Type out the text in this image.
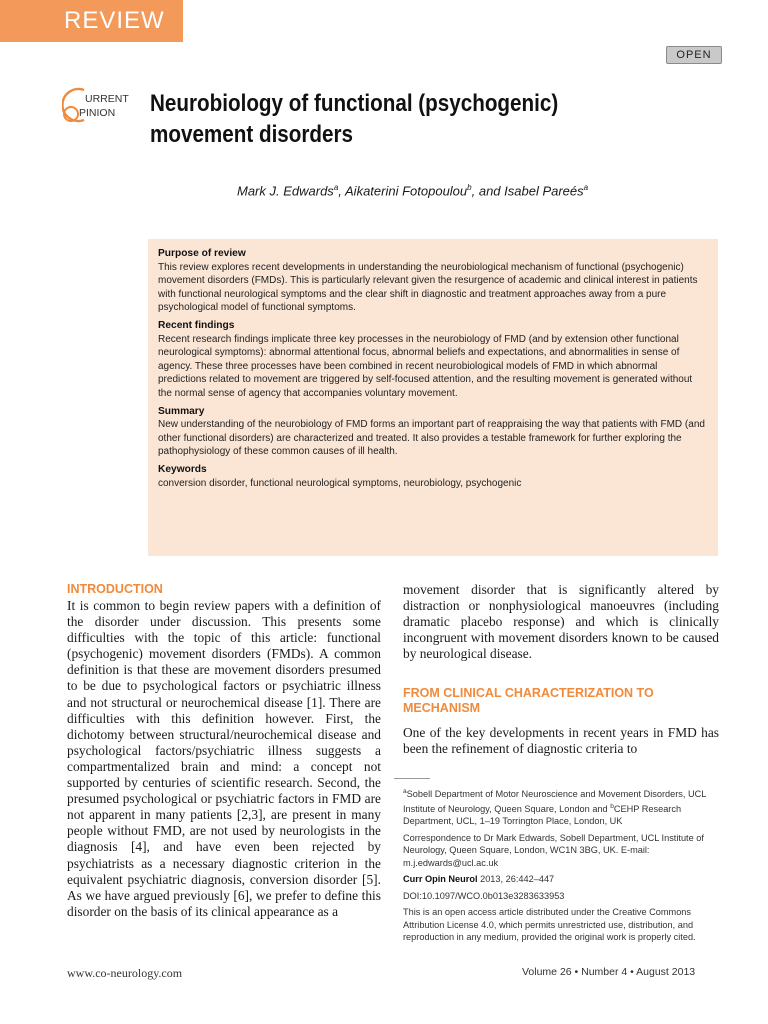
REVIEW
OPEN
URRENT
PINION Neurobiology of functional (psychogenic)
movement disorders
Mark J. Edwards$^a$, Aikaterini Fotopoulou$^b$, and Isabel Pareés$^a$
Purpose of review

This review explores recent developments in understanding the neurobiological mechanism of functional (psychogenic) movement disorders (FMDs). This is particularly relevant given the resurgence of academic and clinical interest in patients with functional neurological symptoms and the clear shift in diagnostic and treatment approaches away from a pure psychological model of functional symptoms.

Recent findings

Recent research findings implicate three key processes in the neurobiology of FMD (and by extension other functional neurological symptoms): abnormal attentional focus, abnormal beliefs and expectations, and abnormalities in sense of agency. These three processes have been combined in recent neurobiological models of FMD in which abnormal predictions related to movement are triggered by self-focused attention, and the resulting movement is generated without the normal sense of agency that accompanies voluntary movement.

Summary

New understanding of the neurobiology of FMD forms an important part of reappraising the way that patients with FMD (and other functional disorders) are characterized and treated. It also provides a testable framework for further exploring the pathophysiology of these common causes of ill health.

Keywords

conversion disorder, functional neurological symptoms, neurobiology, psychogenic

INTRODUCTION

It is common to begin review papers with a definition of the disorder under discussion. This presents some difficulties with the topic of this article: functional (psychogenic) movement disorders (FMDs). A common definition is that these are movement disorders presumed to be due to psychological factors or psychiatric illness and not structural or neurochemical disease [1]. There are difficulties with this definition however. First, the dichotomy between structural/neurochemical disease and psychological factors/psychiatric illness suggests a compartmentalized brain and mind: a concept not supported by centuries of scientific research. Second, the presumed psychological or psychiatric factors in FMD are not apparent in many patients [2,3], are present in many people without FMD, are not used by neurologists in the diagnosis [4], and have even been rejected by psychiatrists as a necessary diagnostic criterion in the equivalent psychiatric diagnosis, conversion disorder [5]. As we have argued previously [6], we prefer to define this disorder on the basis of its clinical appearance as a

movement disorder that is significantly altered by distraction or nonphysiological manoeuvres (including dramatic placebo response) and which is clinically incongruent with movement disorders known to be caused by neurological disease.

FROM CLINICAL CHARACTERIZATION TO
MECHANISM

One of the key developments in recent years in FMD has been the refinement of diagnostic criteria to

$^a$Sobell Department of Motor Neuroscience and Movement Disorders, UCL Institute of Neurology, Queen Square, London and $^b$CEHP Research Department, UCL, 1–19 Torrington Place, London, UK

Correspondence to Dr Mark Edwards, Sobell Department, UCL Institute of Neurology, Queen Square, London, WC1N 3BG, UK. E-mail: m.j.edwards@ucl.ac.uk

Curr Opin Neurol 2013, 26:442–447

DOI:10.1097/WCO.0b013e3283633953

This is an open access article distributed under the Creative Commons Attribution License 4.0, which permits unrestricted use, distribution, and reproduction in any medium, provided the original work is properly cited.

www.co-neurology.com	Volume 26 • Number 4 • August 2013
